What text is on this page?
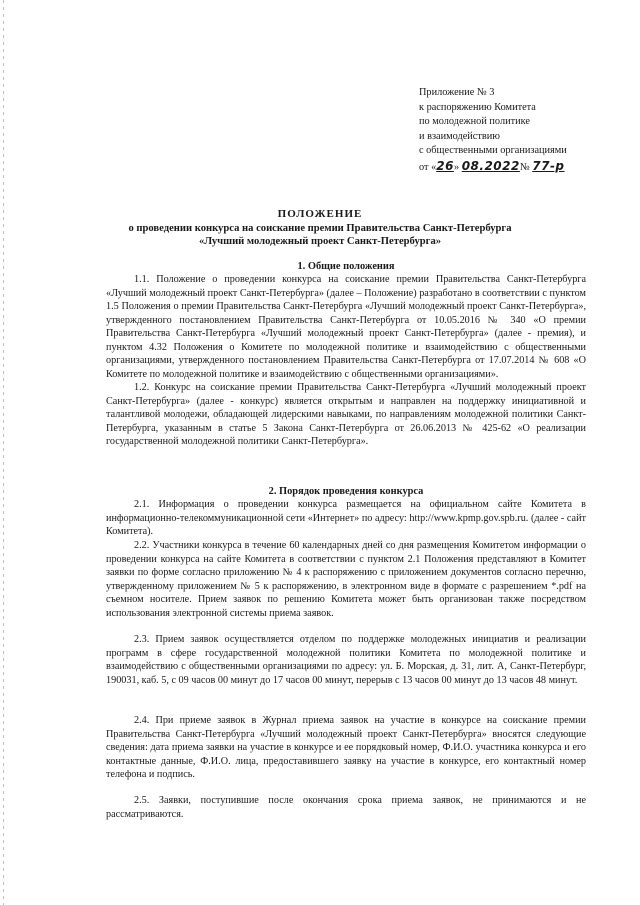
Приложение № 3
к распоряжению Комитета
по молодежной политике
и взаимодействию
с общественными организациями
от «26» 08.2022№ 77-р
ПОЛОЖЕНИЕ
о проведении конкурса на соискание премии Правительства Санкт-Петербурга
«Лучший молодежный проект Санкт-Петербурга»
1. Общие положения

1.1. Положение о проведении конкурса на соискание премии Правительства Санкт-Петербурга «Лучший молодежный проект Санкт-Петербурга» (далее – Положение) разработано в соответствии с пунктом 1.5 Положения о премии Правительства Санкт-Петербурга «Лучший молодежный проект Санкт-Петербурга», утвержденного постановлением Правительства Санкт-Петербурга от 10.05.2016 № 340 «О премии Правительства Санкт-Петербурга «Лучший молодежный проект Санкт-Петербурга» (далее - премия), и пунктом 4.32 Положения о Комитете по молодежной политике и взаимодействию с общественными организациями, утвержденного постановлением Правительства Санкт-Петербурга от 17.07.2014 № 608 «О Комитете по молодежной политике и взаимодействию с общественными организациями».

1.2. Конкурс на соискание премии Правительства Санкт-Петербурга «Лучший молодежный проект Санкт-Петербурга» (далее - конкурс) является открытым и направлен на поддержку инициативной и талантливой молодежи, обладающей лидерскими навыками, по направлениям молодежной политики Санкт-Петербурга, указанным в статье 5 Закона Санкт-Петербурга от 26.06.2013 № 425-62 «О реализации государственной молодежной политики Санкт-Петербурга».

2. Порядок проведения конкурса

2.1. Информация о проведении конкурса размещается на официальном сайте Комитета в информационно-телекоммуникационной сети «Интернет» по адресу: http://www.kpmp.gov.spb.ru. (далее - сайт Комитета).

2.2. Участники конкурса в течение 60 календарных дней со дня размещения Комитетом информации о проведении конкурса на сайте Комитета в соответствии с пунктом 2.1 Положения представляют в Комитет заявки по форме согласно приложению № 4 к распоряжению с приложением документов согласно перечню, утвержденному приложением № 5 к распоряжению, в электронном виде в формате с разрешением *.pdf на съемном носителе. Прием заявок по решению Комитета может быть организован также посредством использования электронной системы приема заявок.

2.3. Прием заявок осуществляется отделом по поддержке молодежных инициатив и реализации программ в сфере государственной молодежной политики Комитета по молодежной политике и взаимодействию с общественными организациями по адресу: ул. Б. Морская, д. 31, лит. А, Санкт-Петербург, 190031, каб. 5, с 09 часов 00 минут до 17 часов 00 минут, перерыв с 13 часов 00 минут до 13 часов 48 минут.

2.4. При приеме заявок в Журнал приема заявок на участие в конкурсе на соискание премии Правительства Санкт-Петербурга «Лучший молодежный проект Санкт-Петербурга» вносятся следующие сведения: дата приема заявки на участие в конкурсе и ее порядковый номер, Ф.И.О. участника конкурса и его контактные данные, Ф.И.О. лица, предоставившего заявку на участие в конкурсе, его контактный номер телефона и подпись.

2.5. Заявки, поступившие после окончания срока приема заявок, не принимаются и не рассматриваются.
